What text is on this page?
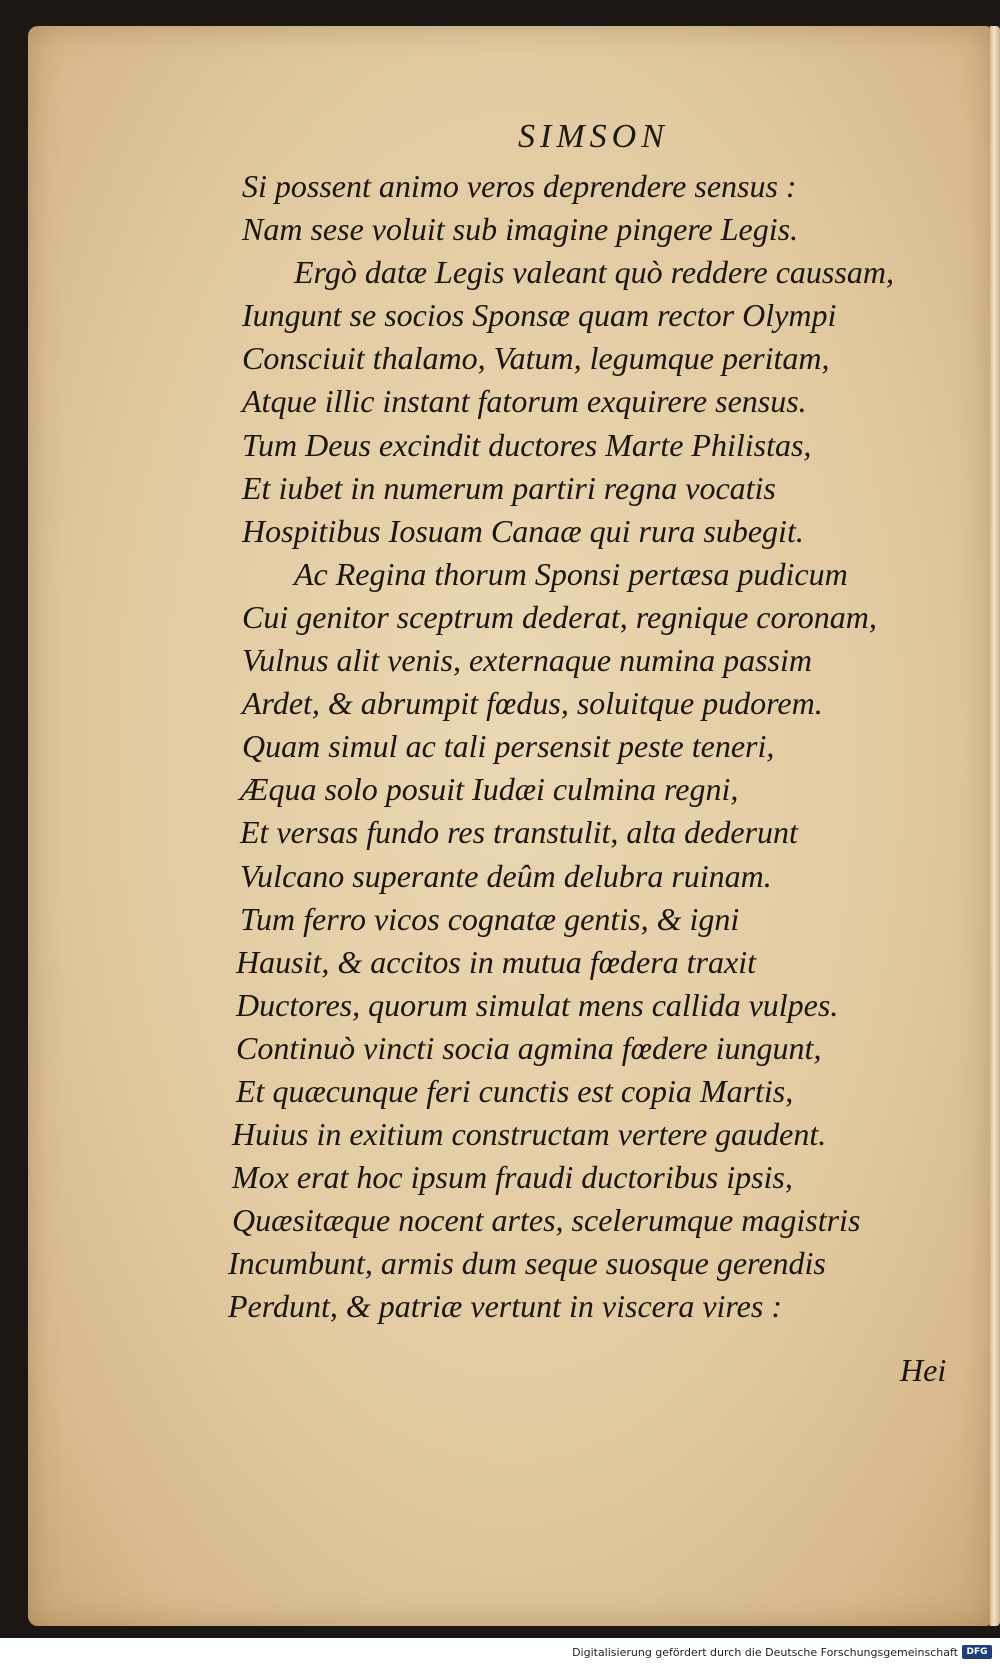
SIMSON
Si possent animo veros deprendere sensus :
Nam sese voluit sub imagine pingere Legis.
Ergò datæ Legis valeant quò reddere caussam,
Iungunt se socios Sponsæ quam rector Olympi
Consciuit thalamo, Vatum, legumque peritam,
Atque illic instant fatorum exquirere sensus.
Tum Deus excindit ductores Marte Philistas,
Et iubet in numerum partiri regna vocatis
Hospitibus Iosuam Canaæ qui rura subegit.
Ac Regina thorum Sponsi pertæsa pudicum
Cui genitor sceptrum dederat, regnique coronam,
Vulnus alit venis, externaque numina passim
Ardet, & abrumpit fœdus, soluitque pudorem.
Quam simul ac tali persensit peste teneri,
Æqua solo posuit Iudæi culmina regni,
Et versas fundo res transtulit, alta dederunt
Vulcano superante deûm delubra ruinam.
Tum ferro vicos cognatæ gentis, & igni
Hausit, & accitos in mutua fœdera traxit
Ductores, quorum simulat mens callida vulpes.
Continuò vincti socia agmina fœdere iungunt,
Et quæcunque feri cunctis est copia Martis,
Huius in exitium constructam vertere gaudent.
Mox erat hoc ipsum fraudi ductoribus ipsis,
Quæsitæque nocent artes, scelerumque magistris
Incumbunt, armis dum seque suosque gerendis
Perdunt, & patriæ vertunt in viscera vires :
Hei
Digitalisierung gefördert durch die Deutsche Forschungsgemeinschaft DFG
